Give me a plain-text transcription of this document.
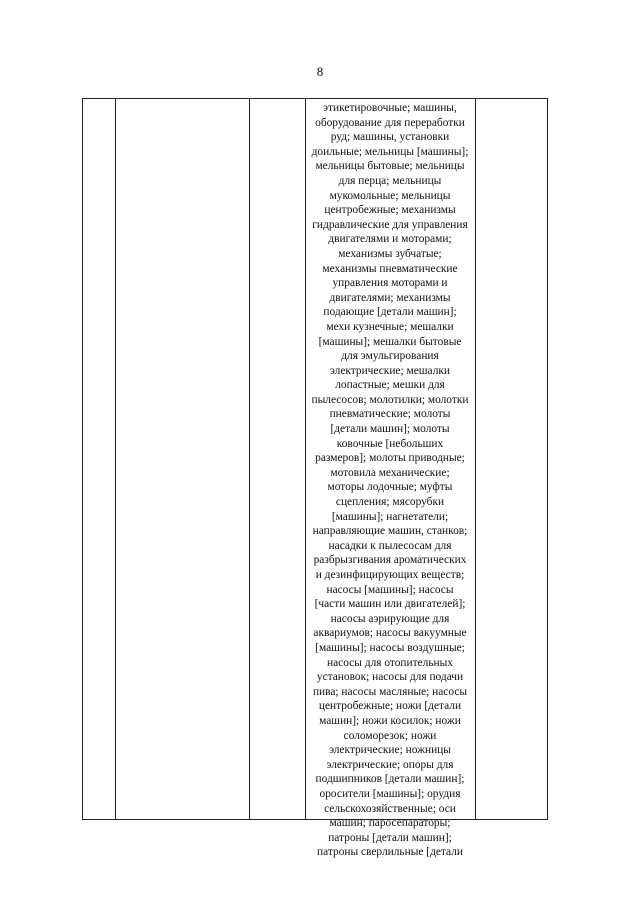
8
этикетировочные; машины,
оборудование для переработки
руд; машины, установки
доильные; мельницы [машины];
мельницы бытовые; мельницы
для перца; мельницы
мукомольные; мельницы
центробежные; механизмы
гидравлические для управления
двигателями и моторами;
механизмы зубчатые;
механизмы пневматические
управления моторами и
двигателями; механизмы
подающие [детали машин];
мехи кузнечные; мешалки
[машины]; мешалки бытовые
для эмульгирования
электрические; мешалки
лопастные; мешки для
пылесосов; молотилки; молотки
пневматические; молоты
[детали машин]; молоты
ковочные [небольших
размеров]; молоты приводные;
мотовила механические;
моторы лодочные; муфты
сцепления; мясорубки
[машины]; нагнетатели;
направляющие машин, станков;
насадки к пылесосам для
разбрызгивания ароматических
и дезинфицирующих веществ;
насосы [машины]; насосы
[части машин или двигателей];
насосы аэрирующие для
аквариумов; насосы вакуумные
[машины]; насосы воздушные;
насосы для отопительных
установок; насосы для подачи
пива; насосы масляные; насосы
центробежные; ножи [детали
машин]; ножи косилок; ножи
соломорезок; ножи
электрические; ножницы
электрические; опоры для
подшипников [детали машин];
оросители [машины]; орудия
сельскохозяйственные; оси
машин; паросепараторы;
патроны [детали машин];
патроны сверлильные [детали
